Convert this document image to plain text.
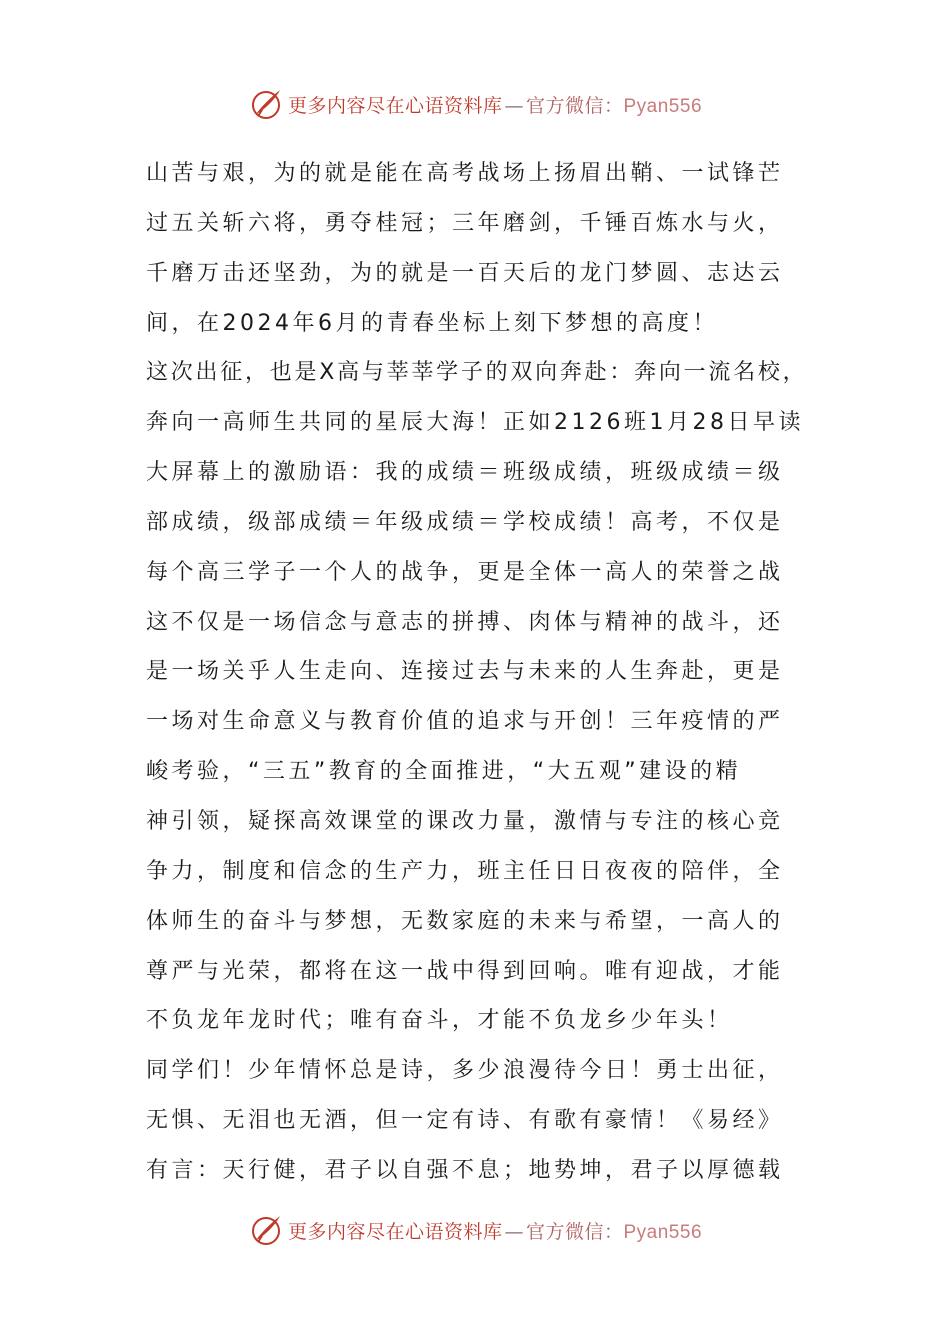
更多内容尽在心语资料库 — 官方微信：Pyan556
山苦与艰，为的就是能在高考战场上扬眉出鞘、一试锋芒
过五关斩六将，勇夺桂冠；三年磨剑，千锤百炼水与火，
千磨万击还坚劲，为的就是一百天后的龙门梦圆、志达云
间，在2024年6月的青春坐标上刻下梦想的高度！
这次出征，也是X高与莘莘学子的双向奔赴：奔向一流名校，
奔向一高师生共同的星辰大海！正如2126班1月28日早读
大屏幕上的激励语：我的成绩＝班级成绩，班级成绩＝级
部成绩，级部成绩＝年级成绩＝学校成绩！高考，不仅是
每个高三学子一个人的战争，更是全体一高人的荣誉之战
这不仅是一场信念与意志的拼搏、肉体与精神的战斗，还
是一场关乎人生走向、连接过去与未来的人生奔赴，更是
一场对生命意义与教育价值的追求与开创！三年疫情的严
峻考验，“三五”教育的全面推进，“大五观”建设的精
神引领，疑探高效课堂的课改力量，激情与专注的核心竞
争力，制度和信念的生产力，班主任日日夜夜的陪伴，全
体师生的奋斗与梦想，无数家庭的未来与希望，一高人的
尊严与光荣，都将在这一战中得到回响。唯有迎战，才能
不负龙年龙时代；唯有奋斗，才能不负龙乡少年头！
同学们！少年情怀总是诗，多少浪漫待今日！勇士出征，
无惧、无泪也无酒，但一定有诗、有歌有豪情！《易经》
有言：天行健，君子以自强不息；地势坤，君子以厚德载
更多内容尽在心语资料库 — 官方微信：Pyan556
